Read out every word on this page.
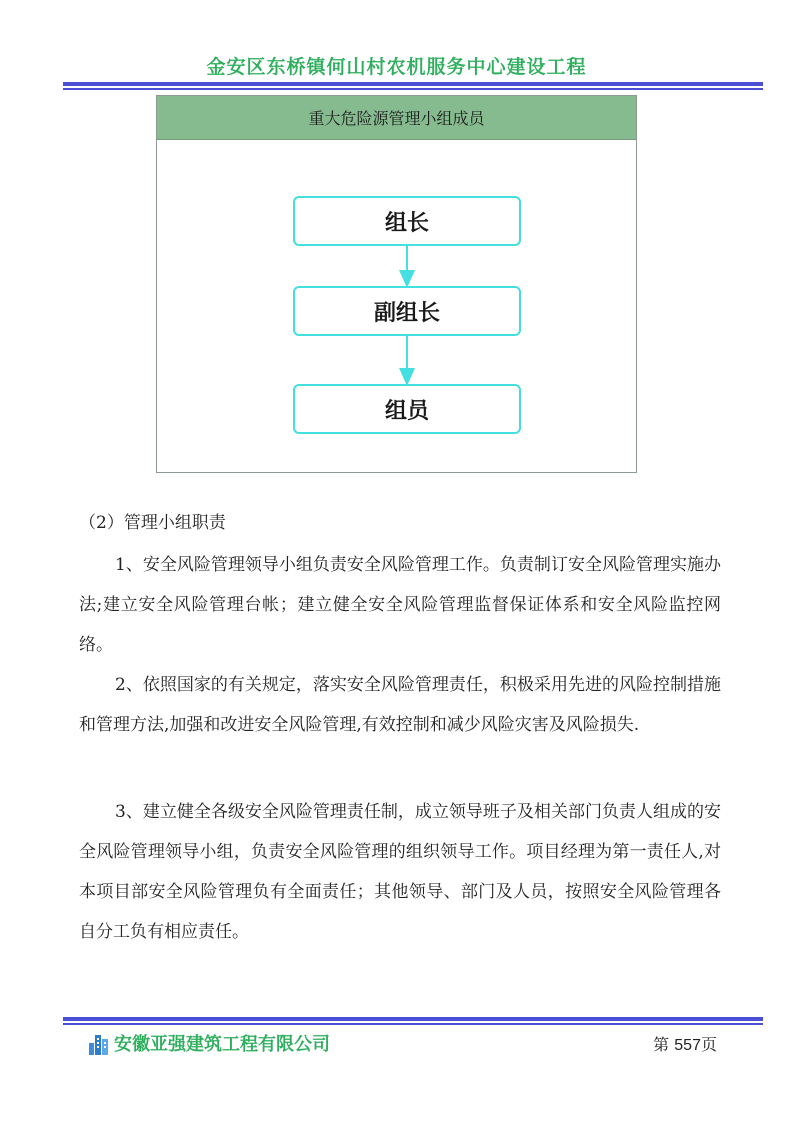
金安区东桥镇何山村农机服务中心建设工程
重大危险源管理小组成员
组长
副组长
组员

（2）管理小组职责

1、安全风险管理领导小组负责安全风险管理工作。负责制订安全风险管理实施办法;建立安全风险管理台帐；建立健全安全风险管理监督保证体系和安全风险监控网络。

2、依照国家的有关规定，落实安全风险管理责任，积极采用先进的风险控制措施和管理方法,加强和改进安全风险管理,有效控制和减少风险灾害及风险损失.

3、建立健全各级安全风险管理责任制，成立领导班子及相关部门负责人组成的安全风险管理领导小组，负责安全风险管理的组织领导工作。项目经理为第一责任人,对本项目部安全风险管理负有全面责任；其他领导、部门及人员，按照安全风险管理各自分工负有相应责任。

安徽亚强建筑工程有限公司	第 557页
